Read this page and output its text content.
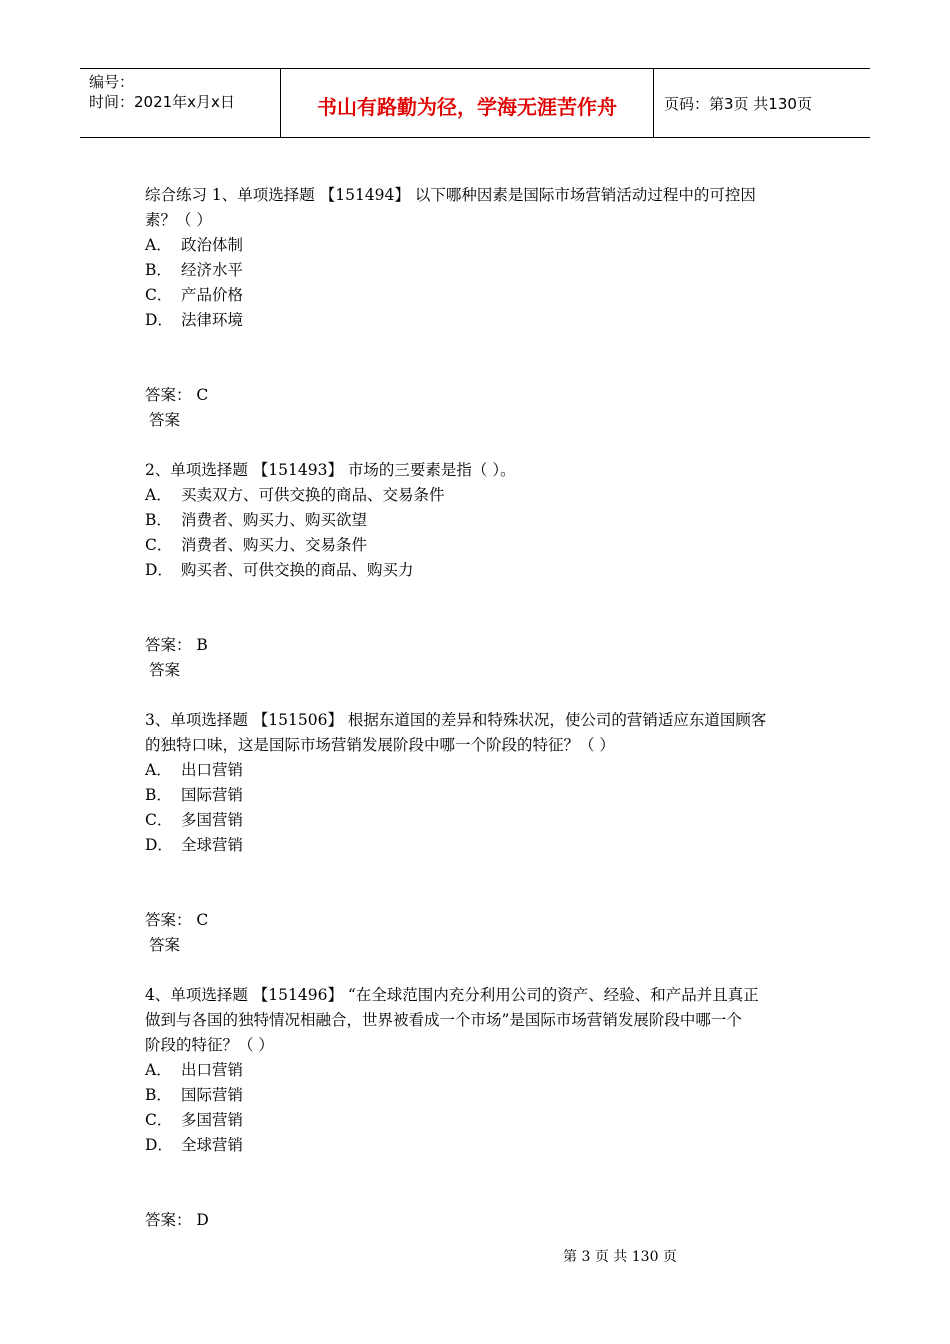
编号：
时间：2021年x月x日	书山有路勤为径，学海无涯苦作舟	页码：第3页 共130页
综合练习 1、单项选择题 【151494】 以下哪种因素是国际市场营销活动过程中的可控因
素？（ ）
A． 政治体制
B． 经济水平
C． 产品价格
D． 法律环境
答案： C
答案
2、单项选择题 【151493】 市场的三要素是指（ ）。
A． 买卖双方、可供交换的商品、交易条件
B． 消费者、购买力、购买欲望
C． 消费者、购买力、交易条件
D． 购买者、可供交换的商品、购买力
答案： B
答案
3、单项选择题 【151506】 根据东道国的差异和特殊状况，使公司的营销适应东道国顾客
的独特口味，这是国际市场营销发展阶段中哪一个阶段的特征？（ ）
A． 出口营销
B． 国际营销
C． 多国营销
D． 全球营销
答案： C
答案
4、单项选择题 【151496】 “在全球范围内充分利用公司的资产、经验、和产品并且真正
做到与各国的独特情况相融合，世界被看成一个市场”是国际市场营销发展阶段中哪一个
阶段的特征？（ ）
A． 出口营销
B． 国际营销
C． 多国营销
D． 全球营销
答案： D
第 3 页 共 130 页
